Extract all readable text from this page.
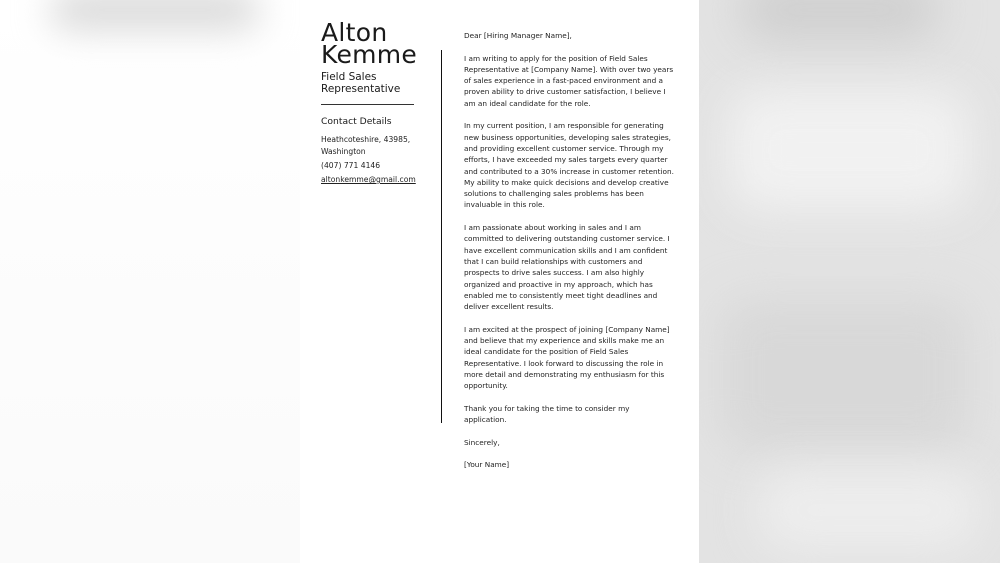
Alton
Kemme
Field Sales Representative
Contact Details
Heathcoteshire, 43985, Washington
(407) 771 4146
altonkemme@gmail.com

Dear [Hiring Manager Name],

I am writing to apply for the position of Field Sales Representative at [Company Name]. With over two years of sales experience in a fast-paced environment and a proven ability to drive customer satisfaction, I believe I am an ideal candidate for the role.

In my current position, I am responsible for generating new business opportunities, developing sales strategies, and providing excellent customer service. Through my efforts, I have exceeded my sales targets every quarter and contributed to a 30% increase in customer retention. My ability to make quick decisions and develop creative solutions to challenging sales problems has been invaluable in this role.

I am passionate about working in sales and I am committed to delivering outstanding customer service. I have excellent communication skills and I am confident that I can build relationships with customers and prospects to drive sales success. I am also highly organized and proactive in my approach, which has enabled me to consistently meet tight deadlines and deliver excellent results.

I am excited at the prospect of joining [Company Name] and believe that my experience and skills make me an ideal candidate for the position of Field Sales Representative. I look forward to discussing the role in more detail and demonstrating my enthusiasm for this opportunity.

Thank you for taking the time to consider my application.

Sincerely,

[Your Name]
